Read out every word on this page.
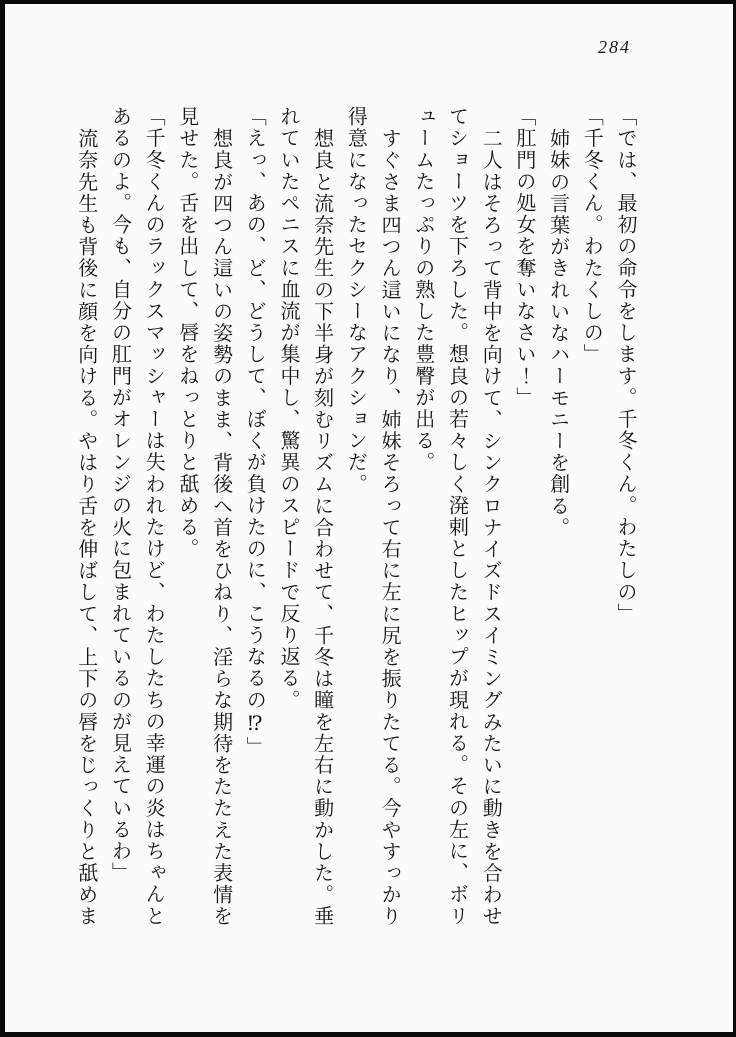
284

「では、最初の命令をします。千冬くん。わたしの」

「千冬くん。わたくしの」

姉妹の言葉がきれいなハーモニーを創る。

「肛門の処女を奪いなさい！」

二人はそろって背中を向けて、シンクロナイズドスイミングみたいに動きを合わせ

てショーツを下ろした。想良の若々しく溌剌としたヒップが現れる。その左に、ボリ

ュームたっぷりの熟した豊臀が出る。

すぐさま四つん這いになり、姉妹そろって右に左に尻を振りたてる。今やすっかり

得意になったセクシーなアクションだ。

想良と流奈先生の下半身が刻むリズムに合わせて、千冬は瞳を左右に動かした。垂

れていたペニスに血流が集中し、驚異のスピードで反り返る。

「えっ、あの、ど、どうして、ぼくが負けたのに、こうなるの⁉」

想良が四つん這いの姿勢のまま、背後へ首をひねり、淫らな期待をたたえた表情を

見せた。舌を出して、唇をねっとりと舐める。

「千冬くんのラックスマッシャーは失われたけど、わたしたちの幸運の炎はちゃんと

あるのよ。今も、自分の肛門がオレンジの火に包まれているのが見えているわ」

流奈先生も背後に顔を向ける。やはり舌を伸ばして、上下の唇をじっくりと舐めま
